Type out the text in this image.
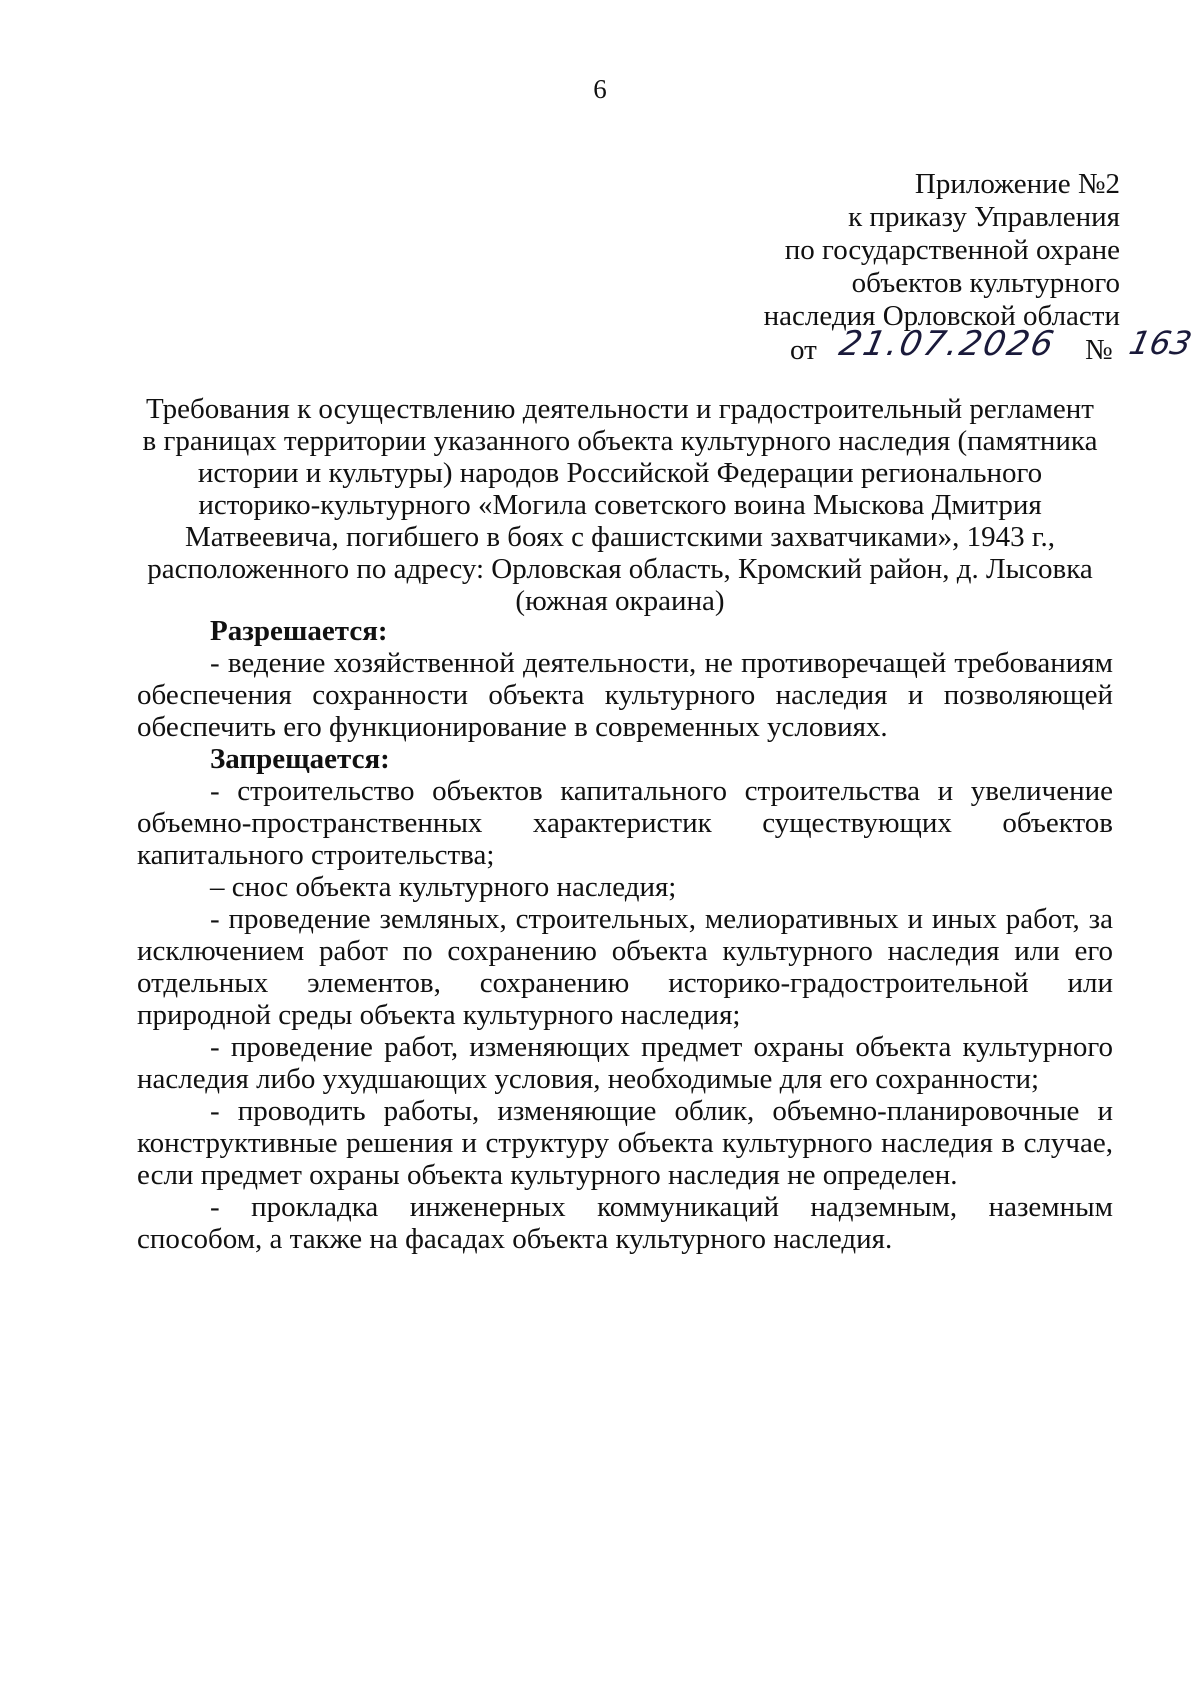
6
Приложение №2
к приказу Управления
по государственной охране
объектов культурного
наследия Орловской области
от 21.07.2026 № 163
Требования к осуществлению деятельности и градостроительный регламент в границах территории указанного объекта культурного наследия (памятника истории и культуры) народов Российской Федерации регионального историко-культурного «Могила советского воина Мыскова Дмитрия Матвеевича, погибшего в боях с фашистскими захватчиками», 1943 г., расположенного по адресу: Орловская область, Кромский район, д. Лысовка (южная окраина)

Разрешается:

- ведение хозяйственной деятельности, не противоречащей требованиям обеспечения сохранности объекта культурного наследия и позволяющей обеспечить его функционирование в современных условиях.

Запрещается:

- строительство объектов капитального строительства и увеличение объемно-пространственных характеристик существующих объектов капитального строительства;

– снос объекта культурного наследия;

- проведение земляных, строительных, мелиоративных и иных работ, за исключением работ по сохранению объекта культурного наследия или его отдельных элементов, сохранению историко-градостроительной или природной среды объекта культурного наследия;

- проведение работ, изменяющих предмет охраны объекта культурного наследия либо ухудшающих условия, необходимые для его сохранности;

- проводить работы, изменяющие облик, объемно-планировочные и конструктивные решения и структуру объекта культурного наследия в случае, если предмет охраны объекта культурного наследия не определен.

- прокладка инженерных коммуникаций надземным, наземным способом, а также на фасадах объекта культурного наследия.
